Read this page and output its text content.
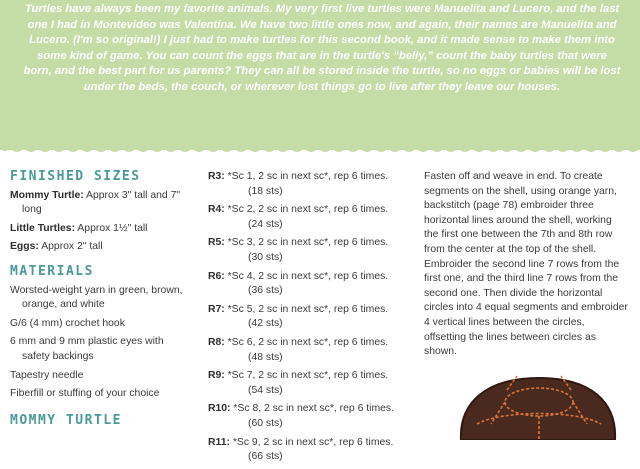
Turtles have always been my favorite animals. My very first live turtles were Manuelita and Lucero, and the last one I had in Montevideo was Valentina. We have two little ones now, and again, their names are Manuelita and Lucero. (I'm so original!) I just had to make turtles for this second book, and it made sense to make them into some kind of game. You can count the eggs that are in the turtle's “belly,” count the baby turtles that were born, and the best part for us parents? They can all be stored inside the turtle, so no eggs or babies will be lost under the beds, the couch, or wherever lost things go to live after they leave our houses.
FINISHED SIZES
Mommy Turtle: Approx 3" tall and 7" long
Little Turtles: Approx 1½" tall
Eggs: Approx 2" tall
MATERIALS
Worsted-weight yarn in green, brown, orange, and white
G/6 (4 mm) crochet hook
6 mm and 9 mm plastic eyes with safety backings
Tapestry needle
Fiberfill or stuffing of your choice
MOMMY TURTLE
R3: *Sc 1, 2 sc in next sc*, rep 6 times.
(18 sts)
R4: *Sc 2, 2 sc in next sc*, rep 6 times.
(24 sts)
R5: *Sc 3, 2 sc in next sc*, rep 6 times.
(30 sts)
R6: *Sc 4, 2 sc in next sc*, rep 6 times.
(36 sts)
R7: *Sc 5, 2 sc in next sc*, rep 6 times.
(42 sts)
R8: *Sc 6, 2 sc in next sc*, rep 6 times.
(48 sts)
R9: *Sc 7, 2 sc in next sc*, rep 6 times.
(54 sts)
R10: *Sc 8, 2 sc in next sc*, rep 6 times.
(60 sts)
R11: *Sc 9, 2 sc in next sc*, rep 6 times.
(66 sts)

Fasten off and weave in end. To create segments on the shell, using orange yarn, backstitch (page 78) embroider three horizontal lines around the shell, working the first one between the 7th and 8th row from the center at the top of the shell. Embroider the second line 7 rows from the first one, and the third line 7 rows from the second one. Then divide the horizontal circles into 4 equal segments and embroider 4 vertical lines between the circles, offsetting the lines between circles as shown.
